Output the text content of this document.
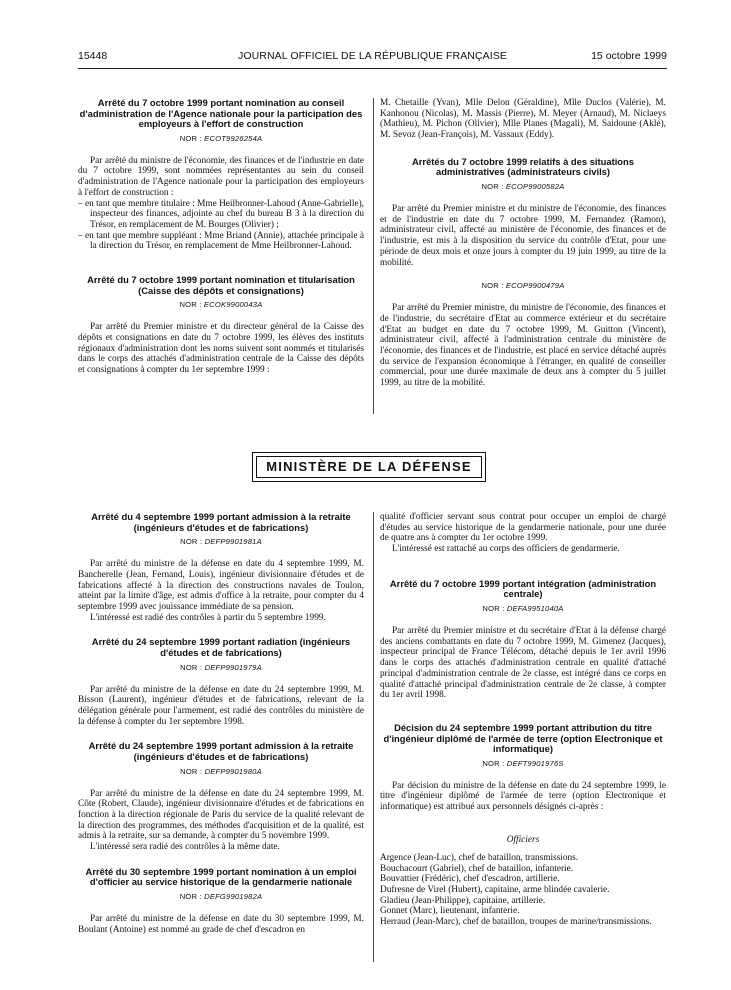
15448	JOURNAL OFFICIEL DE LA RÉPUBLIQUE FRANÇAISE	15 octobre 1999
Arrêté du 7 octobre 1999 portant nomination au conseil d'administration de l'Agence nationale pour la participation des employeurs à l'effort de construction
NOR : ECOT9926254A

Par arrêté du ministre de l'économie, des finances et de l'industrie en date du 7 octobre 1999, sont nommées représentantes au sein du conseil d'administration de l'Agence nationale pour la participation des employeurs à l'effort de construction :

– en tant que membre titulaire : Mme Heilbronner-Lahoud (Anne-Gabrielle), inspecteur des finances, adjointe au chef du bureau B 3 à la direction du Trésor, en remplacement de M. Bourges (Olivier) ;

– en tant que membre suppléant : Mme Briand (Annie), attachée principale à la direction du Trésor, en remplacement de Mme Heilbronner-Lahoud.

Arrêté du 7 octobre 1999 portant nomination et titularisation (Caisse des dépôts et consignations)
NOR : ECOK9900043A

Par arrêté du Premier ministre et du directeur général de la Caisse des dépôts et consignations en date du 7 octobre 1999, les élèves des instituts régionaux d'administration dont les noms suivent sont nommés et titularisés dans le corps des attachés d'administration centrale de la Caisse des dépôts et consignations à compter du 1er septembre 1999 :

M. Chetaille (Yvan), Mlle Delon (Géraldine), Mlle Duclos (Valérie), M. Kanhonou (Nicolas), M. Massis (Pierre), M. Meyer (Arnaud), M. Niclaeys (Mathieu), M. Pichon (Olivier), Mlle Planes (Magali), M. Saidoune (Aklé), M. Sevoz (Jean-François), M. Vassaux (Eddy).

Arrêtés du 7 octobre 1999 relatifs à des situations administratives (administrateurs civils)
NOR : ECOP9900582A

Par arrêté du Premier ministre et du ministre de l'économie, des finances et de l'industrie en date du 7 octobre 1999, M. Fernandez (Ramon), administrateur civil, affecté au ministère de l'économie, des finances et de l'industrie, est mis à la disposition du service du contrôle d'Etat, pour une période de deux mois et onze jours à compter du 19 juin 1999, au titre de la mobilité.

NOR : ECOP9900479A

Par arrêté du Premier ministre, du ministre de l'économie, des finances et de l'industrie, du secrétaire d'Etat au commerce extérieur et du secrétaire d'Etat au budget en date du 7 octobre 1999, M. Guitton (Vincent), administrateur civil, affecté à l'administration centrale du ministère de l'économie, des finances et de l'industrie, est placé en service détaché auprès du service de l'expansion économique à l'étranger, en qualité de conseiller commercial, pour une durée maximale de deux ans à compter du 5 juillet 1999, au titre de la mobilité.

MINISTÈRE DE LA DÉFENSE
Arrêté du 4 septembre 1999 portant admission à la retraite (ingénieurs d'études et de fabrications)
NOR : DEFP9901981A

Par arrêté du ministre de la défense en date du 4 septembre 1999, M. Bancherelle (Jean, Fernand, Louis), ingénieur divisionnaire d'études et de fabrications affecté à la direction des constructions navales de Toulon, atteint par la limite d'âge, est admis d'office à la retraite, pour compter du 4 septembre 1999 avec jouissance immédiate de sa pension.

L'intéressé est radié des contrôles à partir du 5 septembre 1999.

Arrêté du 24 septembre 1999 portant radiation (ingénieurs d'études et de fabrications)
NOR : DEFP9901979A

Par arrêté du ministre de la défense en date du 24 septembre 1999, M. Bisson (Laurent), ingénieur d'études et de fabrications, relevant de la délégation générale pour l'armement, est radié des contrôles du ministère de la défense à compter du 1er septembre 1998.

Arrêté du 24 septembre 1999 portant admission à la retraite (ingénieurs d'études et de fabrications)
NOR : DEFP9901980A

Par arrêté du ministre de la défense en date du 24 septembre 1999, M. Côte (Robert, Claude), ingénieur divisionnaire d'études et de fabrications en fonction à la direction régionale de Paris du service de la qualité relevant de la direction des programmes, des méthodes d'acquisition et de la qualité, est admis à la retraite, sur sa demande, à compter du 5 novembre 1999.

L'intéressé sera radié des contrôles à la même date.

Arrêté du 30 septembre 1999 portant nomination à un emploi d'officier au service historique de la gendarmerie nationale
NOR : DEFG9901982A

Par arrêté du ministre de la défense en date du 30 septembre 1999, M. Boulant (Antoine) est nommé au grade de chef d'escadron en

qualité d'officier servant sous contrat pour occuper un emploi de chargé d'études au service historique de la gendarmerie nationale, pour une durée de quatre ans à compter du 1er octobre 1999.

L'intéressé est rattaché au corps des officiers de gendarmerie.

Arrêté du 7 octobre 1999 portant intégration (administration centrale)
NOR : DEFA9951040A

Par arrêté du Premier ministre et du secrétaire d'Etat à la défense chargé des anciens combattants en date du 7 octobre 1999, M. Gimenez (Jacques), inspecteur principal de France Télécom, détaché depuis le 1er avril 1996 dans le corps des attachés d'administration centrale en qualité d'attaché principal d'administration centrale de 2e classe, est intégré dans ce corps en qualité d'attaché principal d'administration centrale de 2e classe, à compter du 1er avril 1998.

Décision du 24 septembre 1999 portant attribution du titre d'ingénieur diplômé de l'armée de terre (option Electronique et informatique)
NOR : DEFT9901976S

Par décision du ministre de la défense en date du 24 septembre 1999, le titre d'ingénieur diplômé de l'armée de terre (option Electronique et informatique) est attribué aux personnels désignés ci-après :

Officiers

Argence (Jean-Luc), chef de bataillon, transmissions.

Bouchacourt (Gabriel), chef de bataillon, infanterie.

Bouvattier (Frédéric), chef d'escadron, artillerie.

Dufresne de Virel (Hubert), capitaine, arme blindée cavalerie.

Gladieu (Jean-Philippe), capitaine, artillerie.

Gonnet (Marc), lieutenant, infanterie.

Herraud (Jean-Marc), chef de bataillon, troupes de marine/transmissions.
